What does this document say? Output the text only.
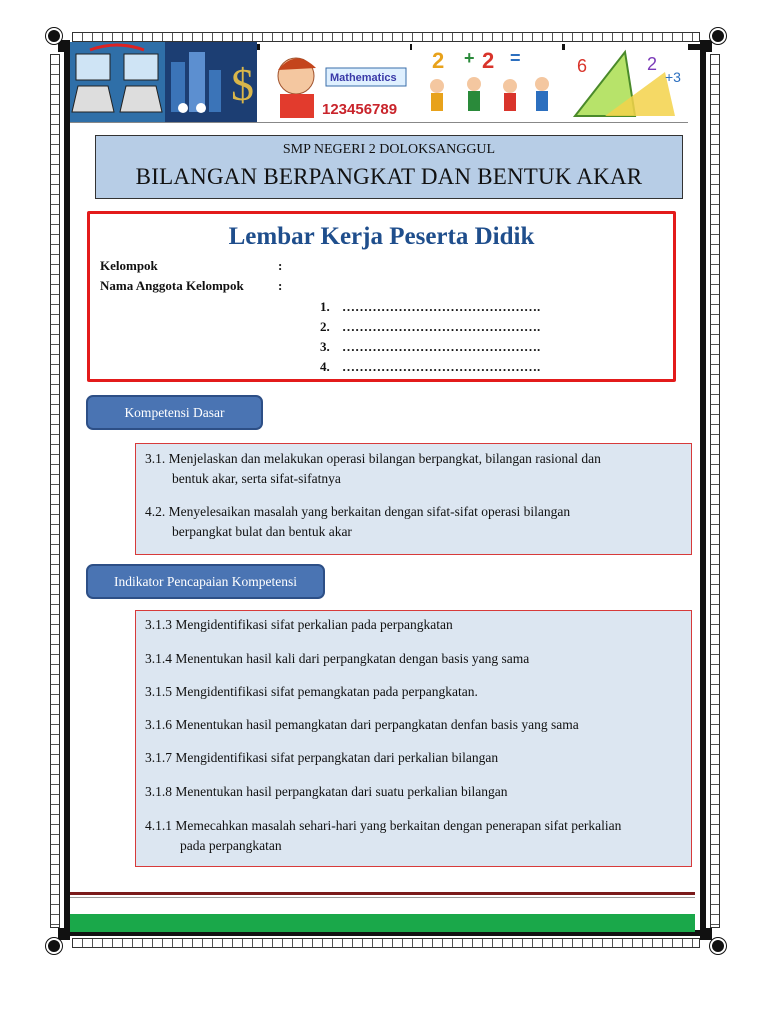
$	Mathematics
123456789
2 + 2 =	6	2
+3
SMP NEGERI 2 DOLOKSANGGUL
BILANGAN BERPANGKAT DAN BENTUK AKAR
Lembar Kerja Peserta Didik
Kelompok	:
Nama Anggota Kelompok	:
1. ……………………………………….
2. ……………………………………….
3. ……………………………………….
4. ……………………………………….
Kompetensi Dasar
3.1. Menjelaskan dan melakukan operasi bilangan berpangkat, bilangan rasional dan
bentuk akar, serta sifat-sifatnya
4.2. Menyelesaikan masalah yang berkaitan dengan sifat-sifat operasi bilangan
berpangkat bulat dan bentuk akar
Indikator Pencapaian Kompetensi
3.1.3 Mengidentifikasi sifat perkalian pada perpangkatan
3.1.4 Menentukan hasil kali dari perpangkatan dengan basis yang sama
3.1.5 Mengidentifikasi sifat pemangkatan pada perpangkatan.
3.1.6 Menentukan hasil pemangkatan dari perpangkatan denfan basis yang sama
3.1.7 Mengidentifikasi sifat perpangkatan dari perkalian bilangan
3.1.8 Menentukan hasil perpangkatan dari suatu perkalian bilangan
4.1.1 Memecahkan masalah sehari-hari yang berkaitan dengan penerapan sifat perkalian
pada perpangkatan
